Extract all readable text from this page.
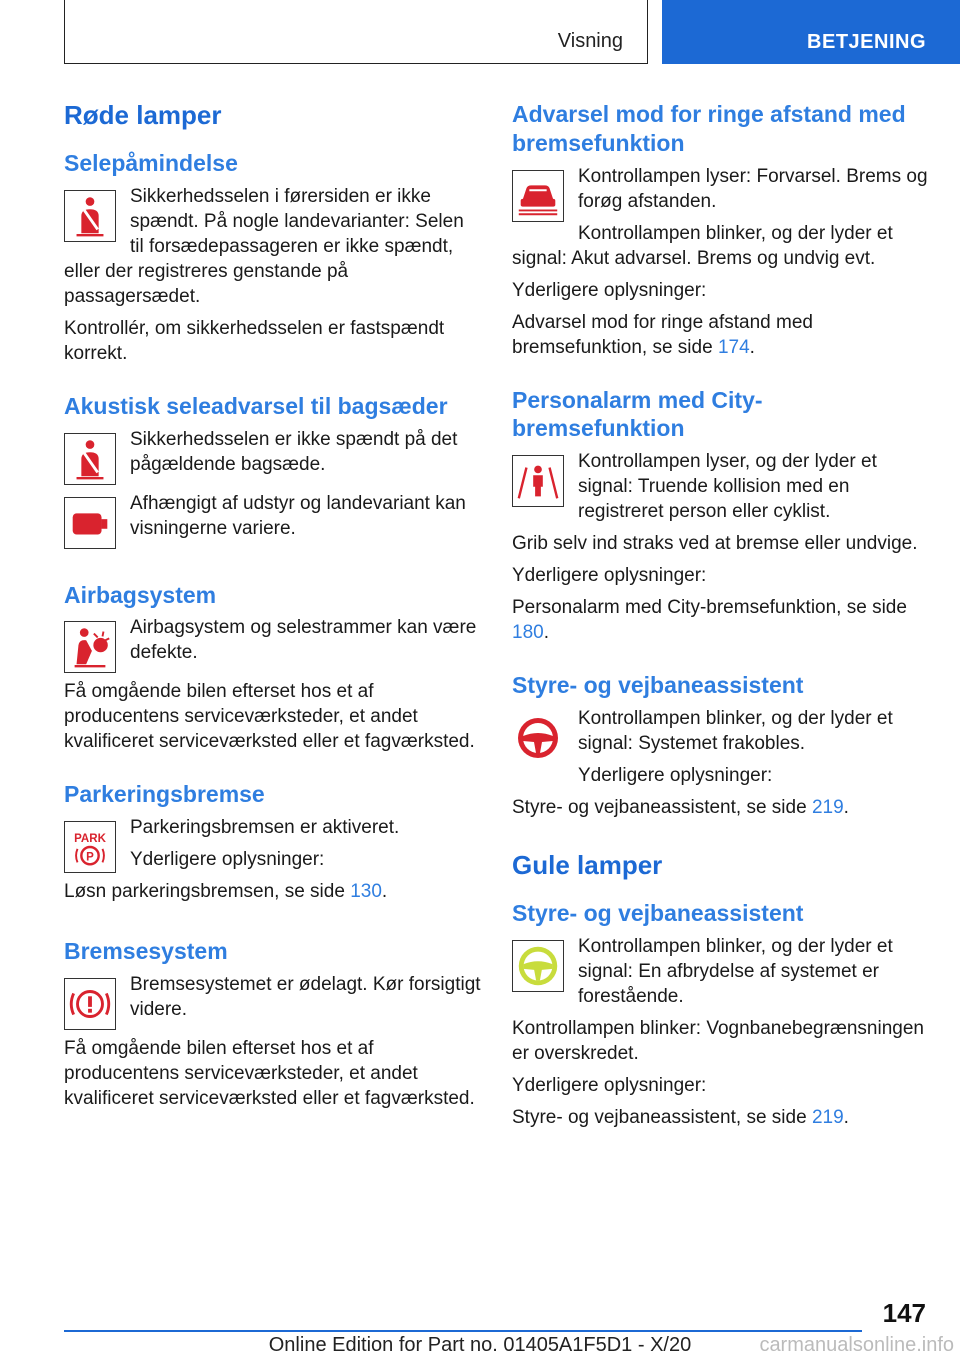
Visning	BETJENING
Røde lamper
Selepåmindelse

Sikkerhedsselen i førersiden er ikke spændt. På nogle landevarianter: Selen til forsædepassageren er ikke spændt, eller der registreres genstande på passagersædet.

Kontrollér, om sikkerhedsselen er fastspændt korrekt.

Akustisk seleadvarsel til bagsæder

Sikkerhedsselen er ikke spændt på det pågældende bagsæde.

Afhængigt af udstyr og landevariant kan visningerne variere.

Airbagsystem

Airbagsystem og selestrammer kan være defekte.

Få omgående bilen efterset hos et af producentens serviceværksteder, et andet kvalificeret serviceværksted eller et fagværksted.

Parkeringsbremse
PARK
P

Parkeringsbremsen er aktiveret.

Yderligere oplysninger:

Løsn parkeringsbremsen, se side 130.

Bremsesystem

Bremsesystemet er ødelagt. Kør forsigtigt videre.

Få omgående bilen efterset hos et af producentens serviceværksteder, et andet kvalificeret serviceværksted eller et fagværksted.

Advarsel mod for ringe afstand med bremsefunktion

Kontrollampen lyser: Forvarsel. Brems og forøg afstanden.

Kontrollampen blinker, og der lyder et signal: Akut advarsel. Brems og undvig evt.

Yderligere oplysninger:

Advarsel mod for ringe afstand med bremsefunktion, se side 174.

Personalarm med City-bremsefunktion

Kontrollampen lyser, og der lyder et signal: Truende kollision med en registreret person eller cyklist.

Grib selv ind straks ved at bremse eller undvige.

Yderligere oplysninger:

Personalarm med City-bremsefunktion, se side 180.

Styre- og vejbaneassistent

Kontrollampen blinker, og der lyder et signal: Systemet frakobles.

Yderligere oplysninger:

Styre- og vejbaneassistent, se side 219.

Gule lamper
Styre- og vejbaneassistent

Kontrollampen blinker, og der lyder et signal: En afbrydelse af systemet er forestående.

Kontrollampen blinker: Vognbanebegrænsningen er overskredet.

Yderligere oplysninger:

Styre- og vejbaneassistent, se side 219.

147
Online Edition for Part no. 01405A1F5D1 - X/20	carmanualsonline.info
